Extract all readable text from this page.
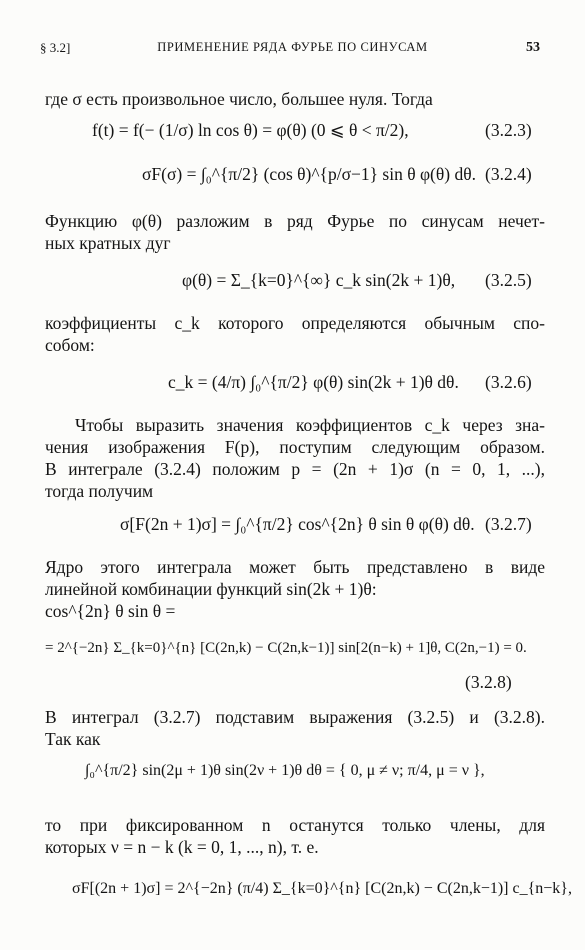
§ 3.2]	ПРИМЕНЕНИЕ РЯДА ФУРЬЕ ПО СИНУСАМ	53
где σ есть произвольное число, большее нуля. Тогда
f(t) = f(− (1/σ) ln cos θ) = φ(θ) (0 ⩽ θ < π/2),	(3.2.3)
σF(σ) = ∫₀^{π/2} (cos θ)^{p/σ−1} sin θ φ(θ) dθ. (3.2.4)
Функцию φ(θ) разложим в ряд Фурье по синусам нечет-
ных кратных дуг
φ(θ) = Σ_{k=0}^{∞} c_k sin(2k + 1)θ, (3.2.5)
коэффициенты c_k которого определяются обычным спо-
собом:
c_k = (4/π) ∫₀^{π/2} φ(θ) sin(2k + 1)θ dθ. (3.2.6)
Чтобы выразить значения коэффициентов c_k через зна-
чения изображения F(p), поступим следующим образом.
В интеграле (3.2.4) положим p = (2n + 1)σ (n = 0, 1, ...),
тогда получим
σ[F(2n + 1)σ] = ∫₀^{π/2} cos^{2n} θ sin θ φ(θ) dθ. (3.2.7)
Ядро этого интеграла может быть представлено в виде
линейной комбинации функций sin(2k + 1)θ:
cos^{2n} θ sin θ =
= 2^{−2n} Σ_{k=0}^{n} [C(2n,k) − C(2n,k−1)] sin[2(n−k) + 1]θ, C(2n,−1) = 0.
(3.2.8)
В интеграл (3.2.7) подставим выражения (3.2.5) и (3.2.8).
Так как
∫₀^{π/2} sin(2μ + 1)θ sin(2ν + 1)θ dθ = { 0, μ ≠ ν; π/4, μ = ν },
то при фиксированном n останутся только члены, для
которых ν = n − k (k = 0, 1, ..., n), т. е.
σF[(2n + 1)σ] = 2^{−2n} (π/4) Σ_{k=0}^{n} [C(2n,k) − C(2n,k−1)] c_{n−k},
